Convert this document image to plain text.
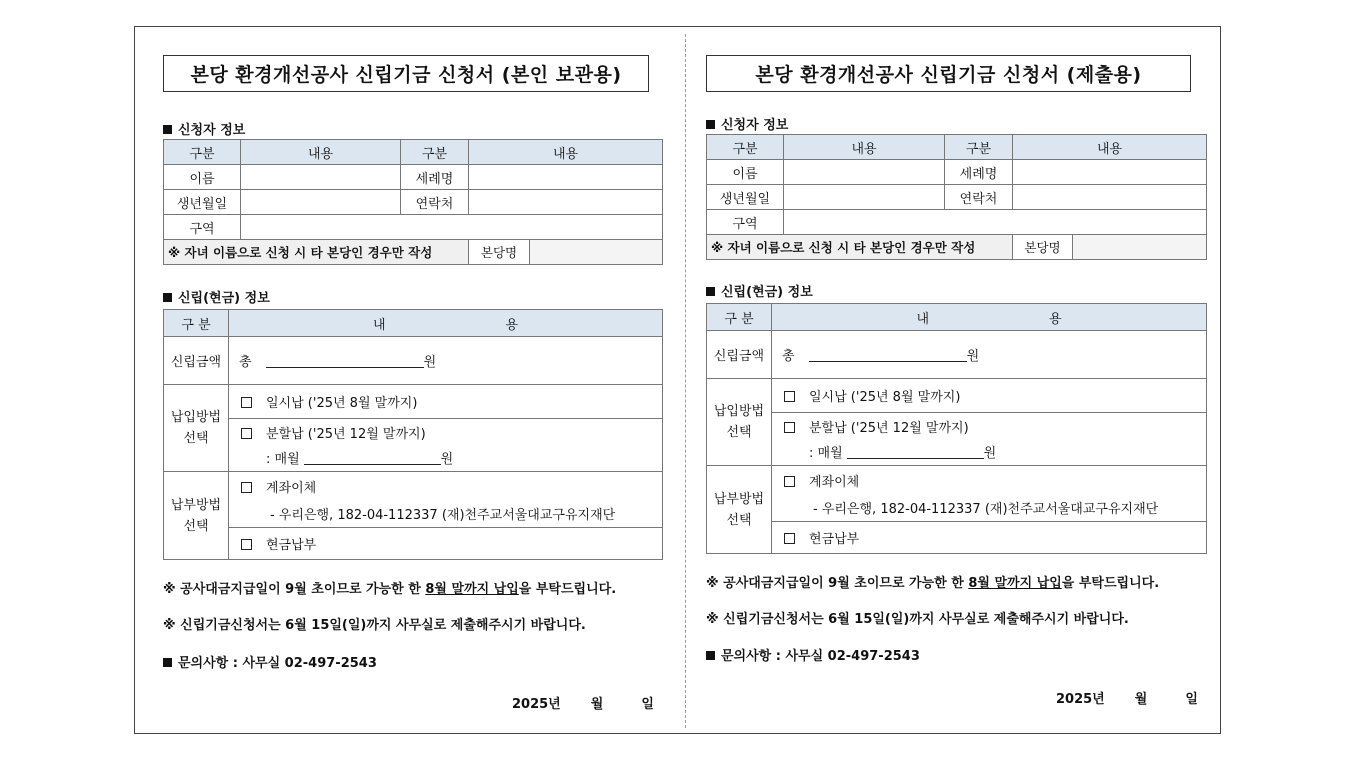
본당 환경개선공사 신립기금 신청서 (본인 보관용)
신청자 정보
구분	내용	구분	내용	
이름		세례명		
생년월일		연락처		
구역				
※ 자녀 이름으로 신청 시 타 본당인 경우만 작성			본당명	
신립(현금) 정보
구 분	내 용
신립금액	총 원
납입방법 선택	일시납 ('25년 8월 말까지)

	분할납 ('25년 12월 말까지)
: 매월 원

납부방법 선택	계좌이체
- 우리은행, 182-04-112337 (재)천주교서울대교구유지재단

	현금납부
※ 공사대금지급일이 9월 초이므로 가능한 한 8월 말까지 납입을 부탁드립니다.
※ 신립기금신청서는 6월 15일(일)까지 사무실로 제출해주시기 바랍니다.
문의사항 : 사무실 02-497-2543
2025년 월	일
본당 환경개선공사 신립기금 신청서 (제출용)
신청자 정보
구분	내용	구분	내용	
이름		세례명		
생년월일		연락처		
구역				
※ 자녀 이름으로 신청 시 타 본당인 경우만 작성			본당명	
신립(현금) 정보
구 분	내 용
신립금액	총 원
납입방법 선택	일시납 ('25년 8월 말까지)

	분할납 ('25년 12월 말까지)
: 매월 원

납부방법 선택	계좌이체
- 우리은행, 182-04-112337 (재)천주교서울대교구유지재단

	현금납부
※ 공사대금지급일이 9월 초이므로 가능한 한 8월 말까지 납입을 부탁드립니다.
※ 신립기금신청서는 6월 15일(일)까지 사무실로 제출해주시기 바랍니다.
문의사항 : 사무실 02-497-2543
2025년 월	일
